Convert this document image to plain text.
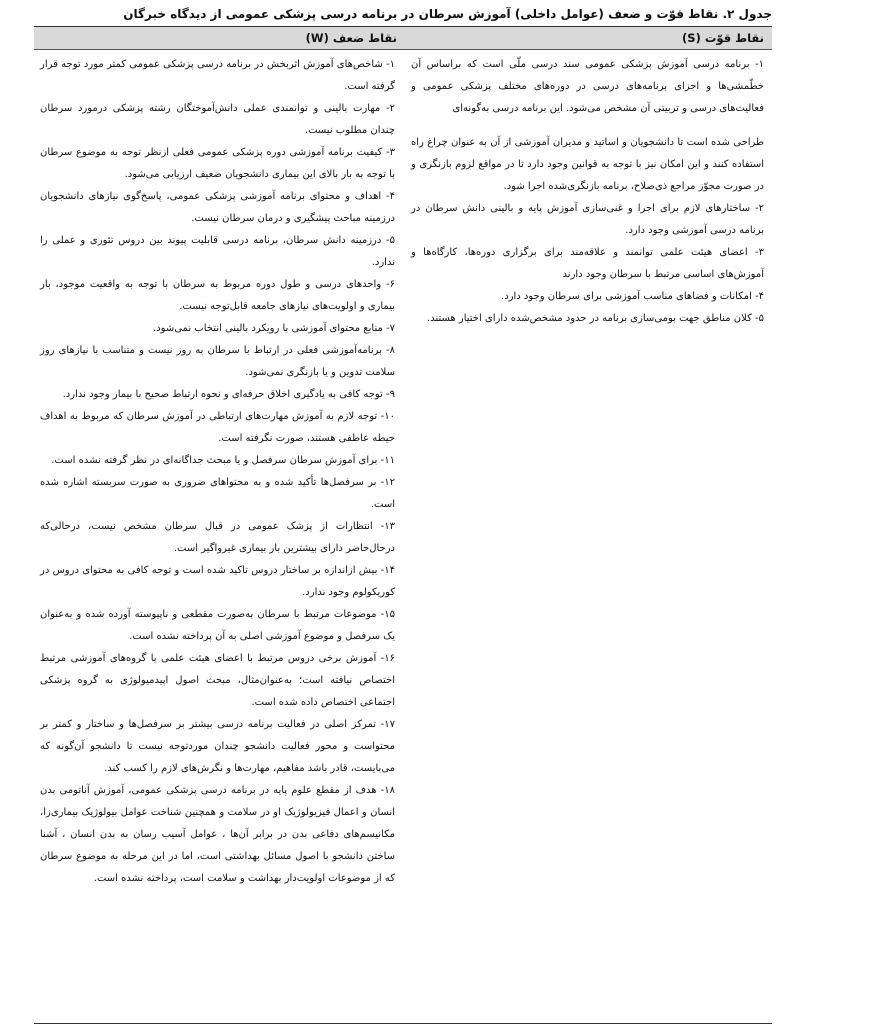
جدول ۲. نقاط قوّت و ضعف (عوامل داخلی) آموزش سرطان در برنامه درسی پزشکی عمومی از دیدگاه خبرگان
نقاط قوّت (S)
نقاط ضعف (W)

۱- برنامه درسی آموزش پزشکی عمومی سند درسی ملّی است که براساس آن خطّمشی‌ها و اجزای برنامه‌های درسی در دوره‌های مختلف پزشکی عمومی و فعالیت‌های درسی و تربیتی آن مشخص می‌شود. این برنامه درسی به‌گونه‌ای

طراحی شده است تا دانشجویان و اساتید و مدیران آموزشی از آن به عنوان چراغ راه استفاده کنند و این امکان نیز با توجه به قوانین وجود دارد تا در مواقع لزوم بازنگری و در صورت مجوّز مراجع ذی‌صلاح، برنامه بازنگری‌شده اجرا شود.

۲- ساختارهای لازم برای اجرا و غنی‌سازی آموزش پایه و بالینی دانش سرطان در برنامه درسی آموزشی وجود دارد.

۳- اعضای هیئت علمی توانمند و علاقه‌مند برای برگزاری دوره‌ها، کارگاه‌ها و آموزش‌های اساسی مرتبط با سرطان وجود دارند

۴- امکانات و فضاهای مناسب آموزشی برای سرطان وجود دارد.

۵- کلان مناطق جهت بومی‌سازی برنامه در حدود مشخص‌شده دارای اختیار هستند.

۱- شاخص‌های آموزش اثربخش در برنامه درسی پزشکی عمومی کمتر مورد توجه قرار گرفته است.

۲- مهارت بالینی و توانمندی عملی دانش‌آموختگان رشته پزشکی درمورد سرطان چندان مطلوب نیست.

۳- کیفیت برنامه آموزشی دوره پزشکی عمومی فعلی ازنظر توجه به موضوع سرطان با توجه به بار بالای این بیماری دانشجویان ضعیف ارزیابی می‌شود.

۴- اهداف و محتوای برنامه آموزشی پزشکی عمومی، پاسخ‌گوی نیازهای دانشجویان درزمینه مباحث پیشگیری و درمان سرطان نیست.

۵- درزمینه دانش سرطان، برنامه درسی قابلیت پیوند بین دروس تئوری و عملی را ندارد.

۶- واحدهای درسی و طول دوره مربوط به سرطان با توجه به واقعیت موجود، بار بیماری و اولویت‌های نیازهای جامعه قابل‌توجه نیست.

۷- منابع محتوای آموزشی با رویکرد بالینی انتخاب نمی‌شود.

۸- برنامه‌آموزشی فعلی در ارتباط با سرطان به روز نیست و متناسب با نیازهای روز سلامت تدوین و یا بازنگری نمی‌شود.

۹- توجه کافی به یادگیری اخلاق حرفه‌ای و نحوه ارتباط صحیح با بیمار وجود ندارد.

۱۰- توجه لازم به آموزش مهارت‌های ارتباطی در آموزش سرطان که مربوط به اهداف حیطه عاطفی هستند، صورت نگرفته است.

۱۱- برای آموزش سرطان سرفصل و یا مبحث جداگانه‌ای در نظر گرفته نشده است.

۱۲- بر سرفصل‌ها تأکید شده و به محتواهای ضروری به صورت سربسته اشاره شده است.

۱۳- انتظارات از پزشک عمومی در قبال سرطان مشخص نیست، درحالی‌که درحال‌حاضر دارای بیشترین بار بیماری غیرواگیر است.

۱۴- بیش ازاندازه بر ساختار دروس تاکید شده است و توجه کافی به محتوای دروس در کوریکولوم وجود ندارد.

۱۵- موضوعات مرتبط با سرطان به‌صورت مقطعی و ناپیوسته آورده شده و به‌عنوان یک سرفصل و موضوع آموزشی اصلی به آن پرداخته نشده است.

۱۶- آموزش برخی دروس مرتبط با اعضای هیئت علمی یا گروه‌های آموزشی مرتبط اختصاص نیافته است؛ به‌عنوان‌مثال، مبحث اصول اپیدمیولوژی به گروه پزشکی اجتماعی اختصاص داده شده است.

۱۷- تمرکز اصلی در فعالیت برنامه درسی بیشتر بر سرفصل‌ها و ساختار و کمتر بر محتواست و محور فعالیت دانشجو چندان موردتوجه نیست تا دانشجو آن‌گونه که می‌بایست، قادر باشد مفاهیم، مهارت‌ها و نگرش‌های لازم را کسب کند.

۱۸- هدف از مقطع علوم پایه در برنامه درسی پزشکی عمومی، آموزش آناتومی بدن انسان و اعمال فیزیولوژیک او در سلامت و همچنین شناخت عوامل بیولوژیک بیماری‌زا، مکانیسم‌های دفاعی بدن در برابر آن‌ها ، عوامل آسیب رسان به بدن انسان ، آشنا ساختن دانشجو با اصول مسائل بهداشتی است، اما در این مرحله به موضوع سرطان که از موضوعات اولویت‌دار بهداشت و سلامت است، پرداخته نشده است.
